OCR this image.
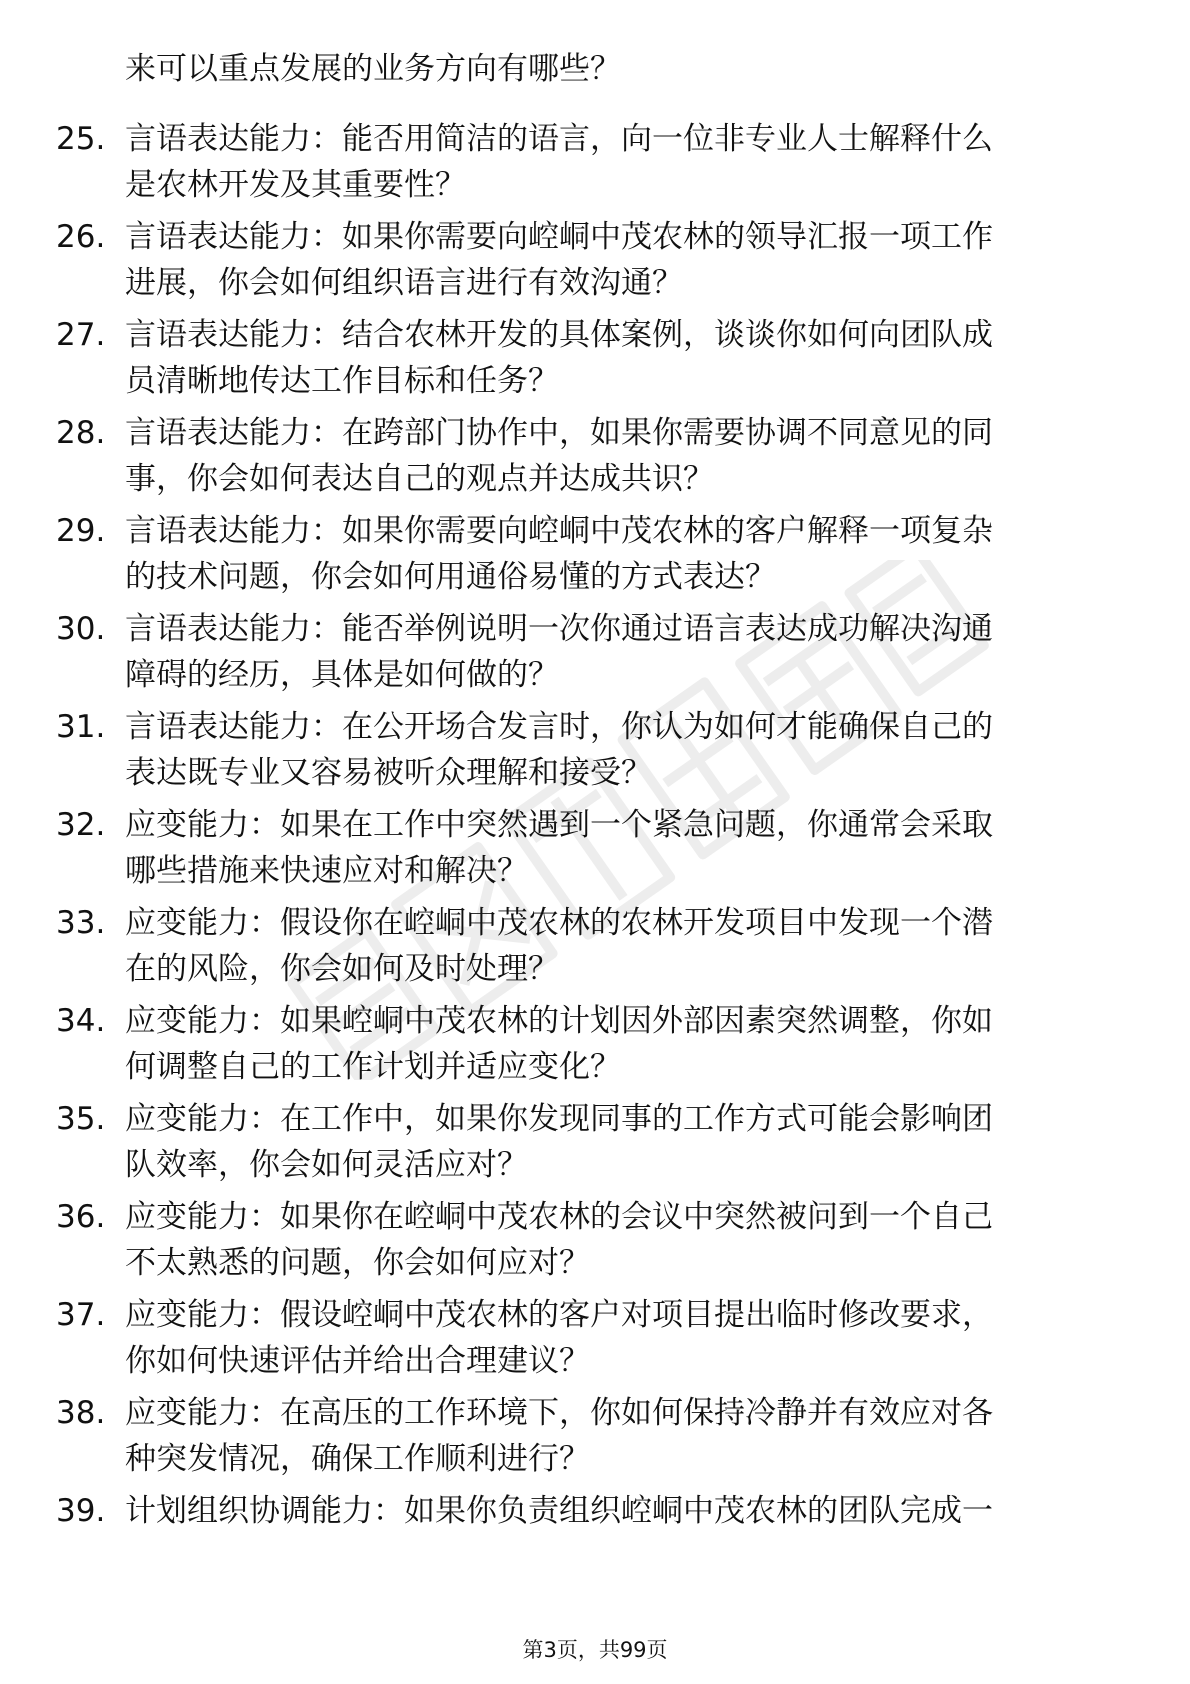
来可以重点发展的业务方向有哪些？
25. 言语表达能力：能否用简洁的语言，向一位非专业人士解释什么
是农林开发及其重要性？
26. 言语表达能力：如果你需要向崆峒中茂农林的领导汇报一项工作
进展，你会如何组织语言进行有效沟通？
27. 言语表达能力：结合农林开发的具体案例，谈谈你如何向团队成
员清晰地传达工作目标和任务？
28. 言语表达能力：在跨部门协作中，如果你需要协调不同意见的同
事，你会如何表达自己的观点并达成共识？
29. 言语表达能力：如果你需要向崆峒中茂农林的客户解释一项复杂
的技术问题，你会如何用通俗易懂的方式表达？
30. 言语表达能力：能否举例说明一次你通过语言表达成功解决沟通
障碍的经历，具体是如何做的？
31. 言语表达能力：在公开场合发言时，你认为如何才能确保自己的
表达既专业又容易被听众理解和接受？
32. 应变能力：如果在工作中突然遇到一个紧急问题，你通常会采取
哪些措施来快速应对和解决？
33. 应变能力：假设你在崆峒中茂农林的农林开发项目中发现一个潜
在的风险，你会如何及时处理？
34. 应变能力：如果崆峒中茂农林的计划因外部因素突然调整，你如
何调整自己的工作计划并适应变化？
35. 应变能力：在工作中，如果你发现同事的工作方式可能会影响团
队效率，你会如何灵活应对？
36. 应变能力：如果你在崆峒中茂农林的会议中突然被问到一个自己
不太熟悉的问题，你会如何应对？
37. 应变能力：假设崆峒中茂农林的客户对项目提出临时修改要求，
你如何快速评估并给出合理建议？
38. 应变能力：在高压的工作环境下，你如何保持冷静并有效应对各
种突发情况，确保工作顺利进行？
39. 计划组织协调能力：如果你负责组织崆峒中茂农林的团队完成一
第3页，共99页
